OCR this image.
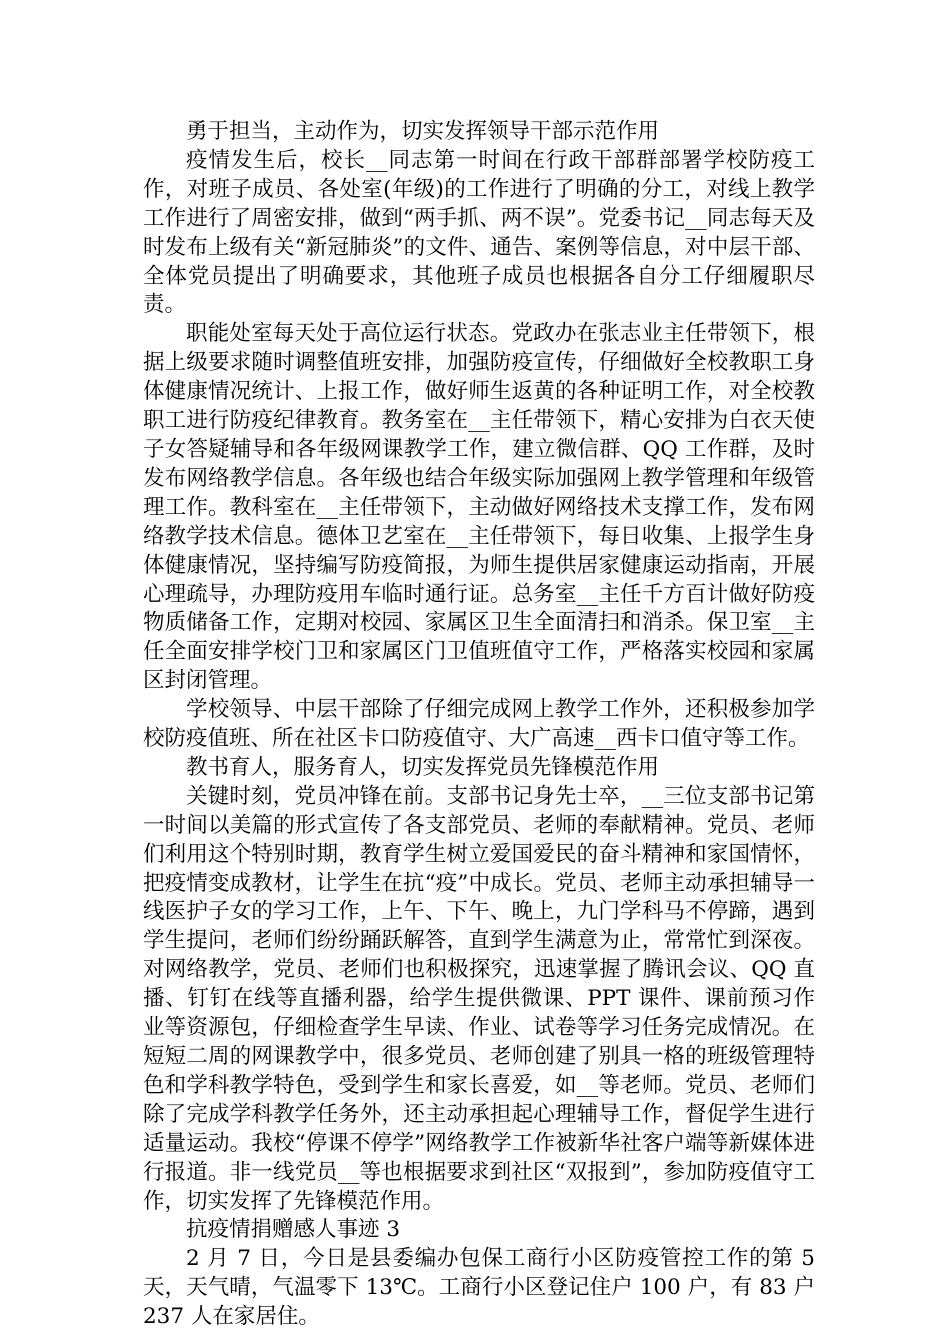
勇于担当，主动作为，切实发挥领导干部示范作用

疫情发生后，校长__同志第一时间在行政干部群部署学校防疫工作，对班子成员、各处室(年级)的工作进行了明确的分工，对线上教学工作进行了周密安排，做到“两手抓、两不误”。党委书记__同志每天及时发布上级有关“新冠肺炎”的文件、通告、案例等信息，对中层干部、全体党员提出了明确要求，其他班子成员也根据各自分工仔细履职尽责。

职能处室每天处于高位运行状态。党政办在张志业主任带领下，根据上级要求随时调整值班安排，加强防疫宣传，仔细做好全校教职工身体健康情况统计、上报工作，做好师生返黄的各种证明工作，对全校教职工进行防疫纪律教育。教务室在__主任带领下，精心安排为白衣天使子女答疑辅导和各年级网课教学工作，建立微信群、QQ 工作群，及时发布网络教学信息。各年级也结合年级实际加强网上教学管理和年级管理工作。教科室在__主任带领下，主动做好网络技术支撑工作，发布网络教学技术信息。德体卫艺室在__主任带领下，每日收集、上报学生身体健康情况，坚持编写防疫简报，为师生提供居家健康运动指南，开展心理疏导，办理防疫用车临时通行证。总务室__主任千方百计做好防疫物质储备工作，定期对校园、家属区卫生全面清扫和消杀。保卫室__主任全面安排学校门卫和家属区门卫值班值守工作，严格落实校园和家属区封闭管理。

学校领导、中层干部除了仔细完成网上教学工作外，还积极参加学校防疫值班、所在社区卡口防疫值守、大广高速__西卡口值守等工作。

教书育人，服务育人，切实发挥党员先锋模范作用

关键时刻，党员冲锋在前。支部书记身先士卒，__三位支部书记第一时间以美篇的形式宣传了各支部党员、老师的奉献精神。党员、老师们利用这个特别时期，教育学生树立爱国爱民的奋斗精神和家国情怀，把疫情变成教材，让学生在抗“疫”中成长。党员、老师主动承担辅导一线医护子女的学习工作，上午、下午、晚上，九门学科马不停蹄，遇到学生提问，老师们纷纷踊跃解答，直到学生满意为止，常常忙到深夜。对网络教学，党员、老师们也积极探究，迅速掌握了腾讯会议、QQ 直播、钉钉在线等直播利器，给学生提供微课、PPT 课件、课前预习作业等资源包，仔细检查学生早读、作业、试卷等学习任务完成情况。在短短二周的网课教学中，很多党员、老师创建了别具一格的班级管理特色和学科教学特色，受到学生和家长喜爱，如__等老师。党员、老师们除了完成学科教学任务外，还主动承担起心理辅导工作，督促学生进行适量运动。我校“停课不停学”网络教学工作被新华社客户端等新媒体进行报道。非一线党员__等也根据要求到社区“双报到”，参加防疫值守工作，切实发挥了先锋模范作用。

抗疫情捐赠感人事迹 3

2 月 7 日，今日是县委编办包保工商行小区防疫管控工作的第 5 天，天气晴，气温零下 13℃。工商行小区登记住户 100 户，有 83 户 237 人在家居住。
